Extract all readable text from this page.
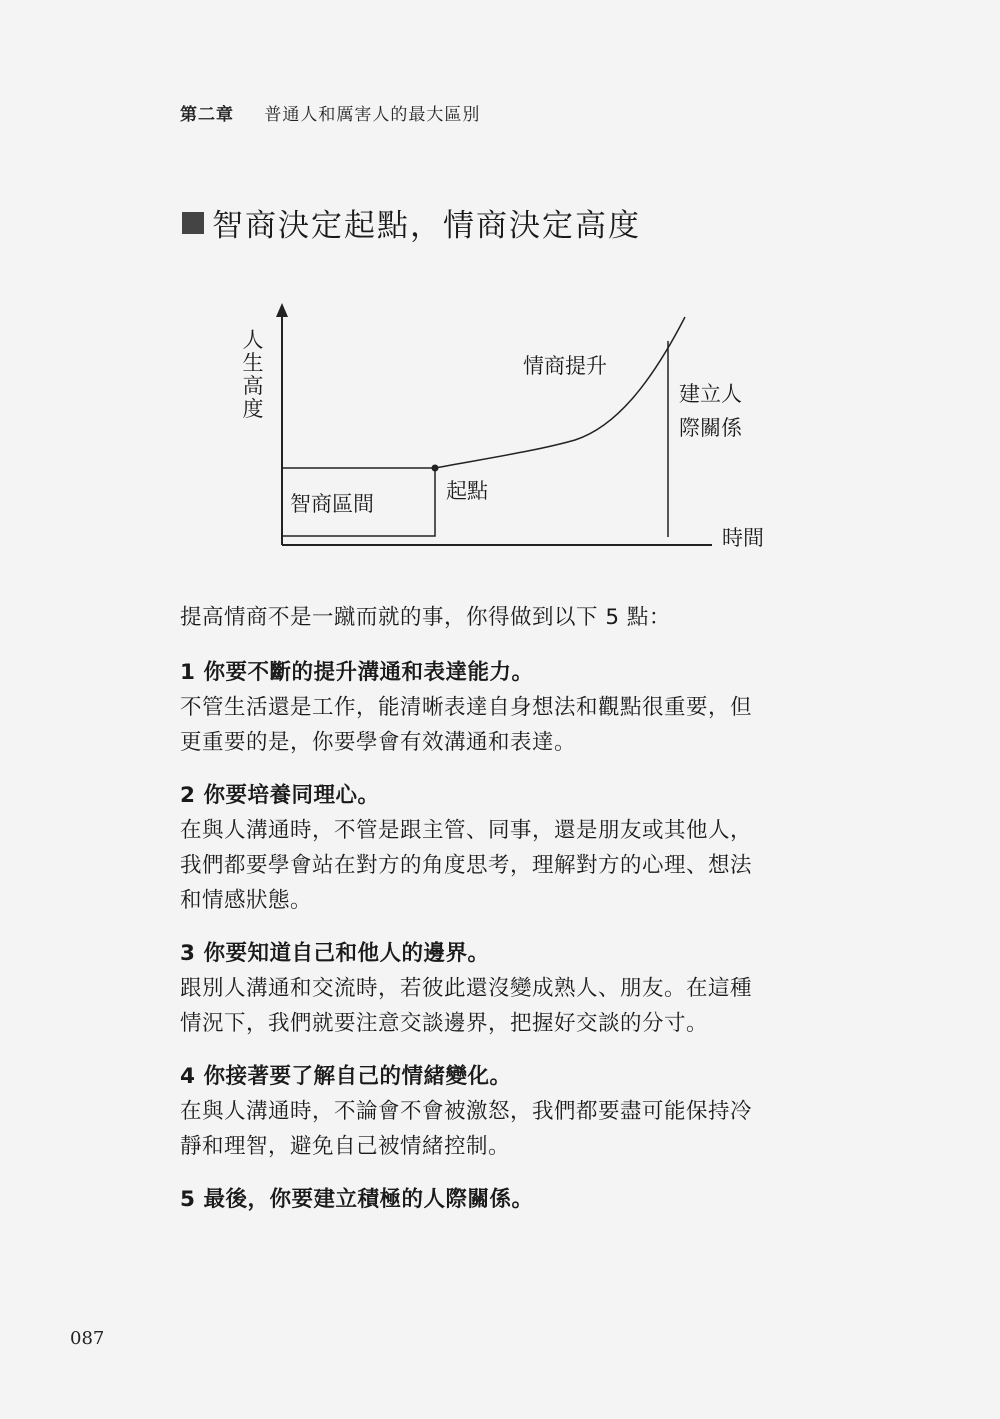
第二章 普通人和厲害人的最大區別
智商決定起點，情商決定高度
人
生
高
度
智商區間
起點
情商提升
建立人
際關係
時間

提高情商不是一蹴而就的事，你得做到以下 5 點：

1 你要不斷的提升溝通和表達能力。

不管生活還是工作，能清晰表達自身想法和觀點很重要，但

更重要的是，你要學會有效溝通和表達。

2 你要培養同理心。

在與人溝通時，不管是跟主管、同事，還是朋友或其他人，

我們都要學會站在對方的角度思考，理解對方的心理、想法

和情感狀態。

3 你要知道自己和他人的邊界。

跟別人溝通和交流時，若彼此還沒變成熟人、朋友。在這種

情況下，我們就要注意交談邊界，把握好交談的分寸。

4 你接著要了解自己的情緒變化。

在與人溝通時，不論會不會被激怒，我們都要盡可能保持冷

靜和理智，避免自己被情緒控制。

5 最後，你要建立積極的人際關係。

087
